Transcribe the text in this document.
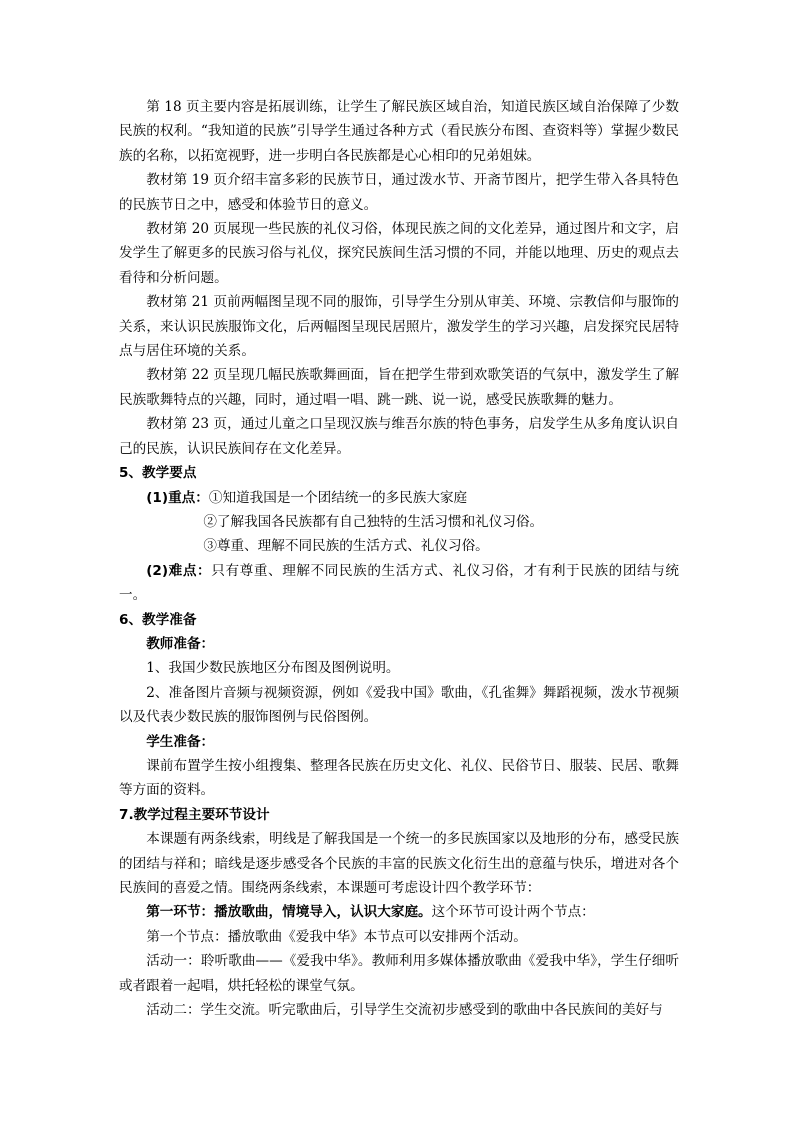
第 18 页主要内容是拓展训练，让学生了解民族区域自治，知道民族区域自治保障了少数民族的权利。“我知道的民族”引导学生通过各种方式（看民族分布图、查资料等）掌握少数民族的名称，以拓宽视野，进一步明白各民族都是心心相印的兄弟姐妹。

教材第 19 页介绍丰富多彩的民族节日，通过泼水节、开斋节图片，把学生带入各具特色的民族节日之中，感受和体验节日的意义。

教材第 20 页展现一些民族的礼仪习俗，体现民族之间的文化差异，通过图片和文字，启发学生了解更多的民族习俗与礼仪，探究民族间生活习惯的不同，并能以地理、历史的观点去看待和分析问题。

教材第 21 页前两幅图呈现不同的服饰，引导学生分别从审美、环境、宗教信仰与服饰的关系，来认识民族服饰文化，后两幅图呈现民居照片，激发学生的学习兴趣，启发探究民居特点与居住环境的关系。

教材第 22 页呈现几幅民族歌舞画面，旨在把学生带到欢歌笑语的气氛中，激发学生了解民族歌舞特点的兴趣，同时，通过唱一唱、跳一跳、说一说，感受民族歌舞的魅力。

教材第 23 页，通过儿童之口呈现汉族与维吾尔族的特色事务，启发学生从多角度认识自己的民族，认识民族间存在文化差异。

5、教学要点

(1)重点：①知道我国是一个团结统一的多民族大家庭

②了解我国各民族都有自己独特的生活习惯和礼仪习俗。

③尊重、理解不同民族的生活方式、礼仪习俗。

(2)难点：只有尊重、理解不同民族的生活方式、礼仪习俗，才有利于民族的团结与统一。

6、教学准备

教师准备：

1、我国少数民族地区分布图及图例说明。

2、准备图片音频与视频资源，例如《爱我中国》歌曲，《孔雀舞》舞蹈视频，泼水节视频以及代表少数民族的服饰图例与民俗图例。

学生准备：

课前布置学生按小组搜集、整理各民族在历史文化、礼仪、民俗节日、服装、民居、歌舞等方面的资料。

7.教学过程主要环节设计

本课题有两条线索，明线是了解我国是一个统一的多民族国家以及地形的分布，感受民族的团结与祥和；暗线是逐步感受各个民族的丰富的民族文化衍生出的意蕴与快乐，增进对各个民族间的喜爱之情。围绕两条线索，本课题可考虑设计四个教学环节：

第一环节：播放歌曲，情境导入，认识大家庭。这个环节可设计两个节点：

第一个节点：播放歌曲《爱我中华》本节点可以安排两个活动。

活动一：聆听歌曲——《爱我中华》。教师利用多媒体播放歌曲《爱我中华》，学生仔细听或者跟着一起唱，烘托轻松的课堂气氛。

活动二：学生交流。听完歌曲后，引导学生交流初步感受到的歌曲中各民族间的美好与
